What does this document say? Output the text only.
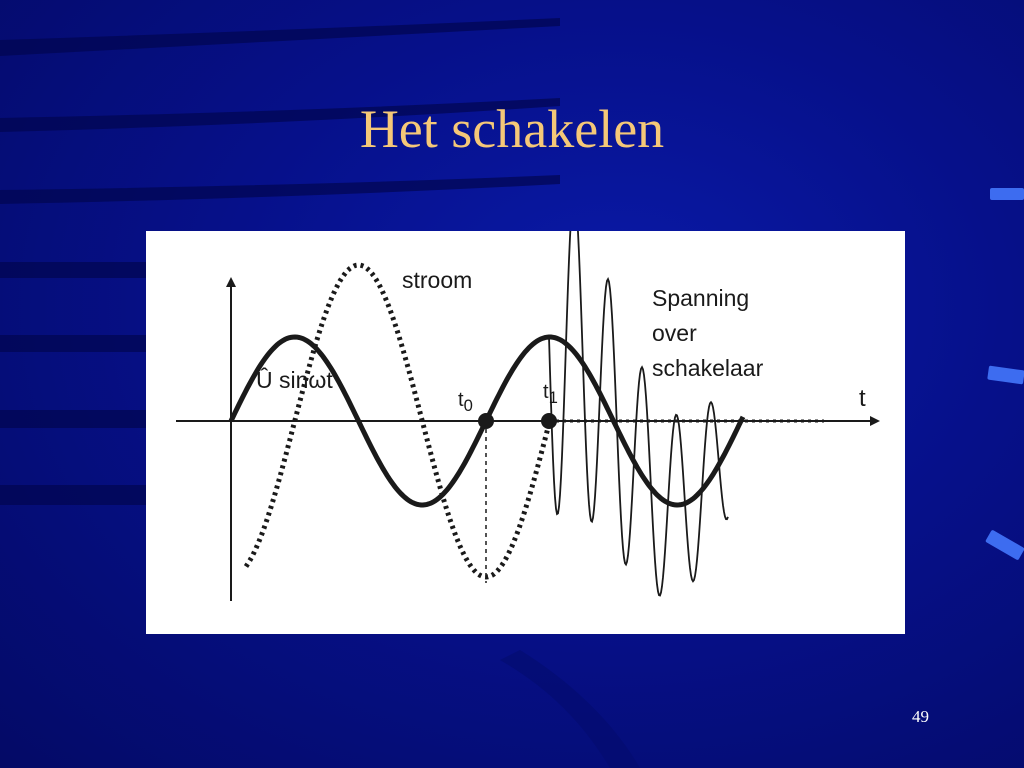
Het schakelen
stroom
Û sinωt
$t_0$
$t_1$	t
Spanning
over
schakelaar
49
